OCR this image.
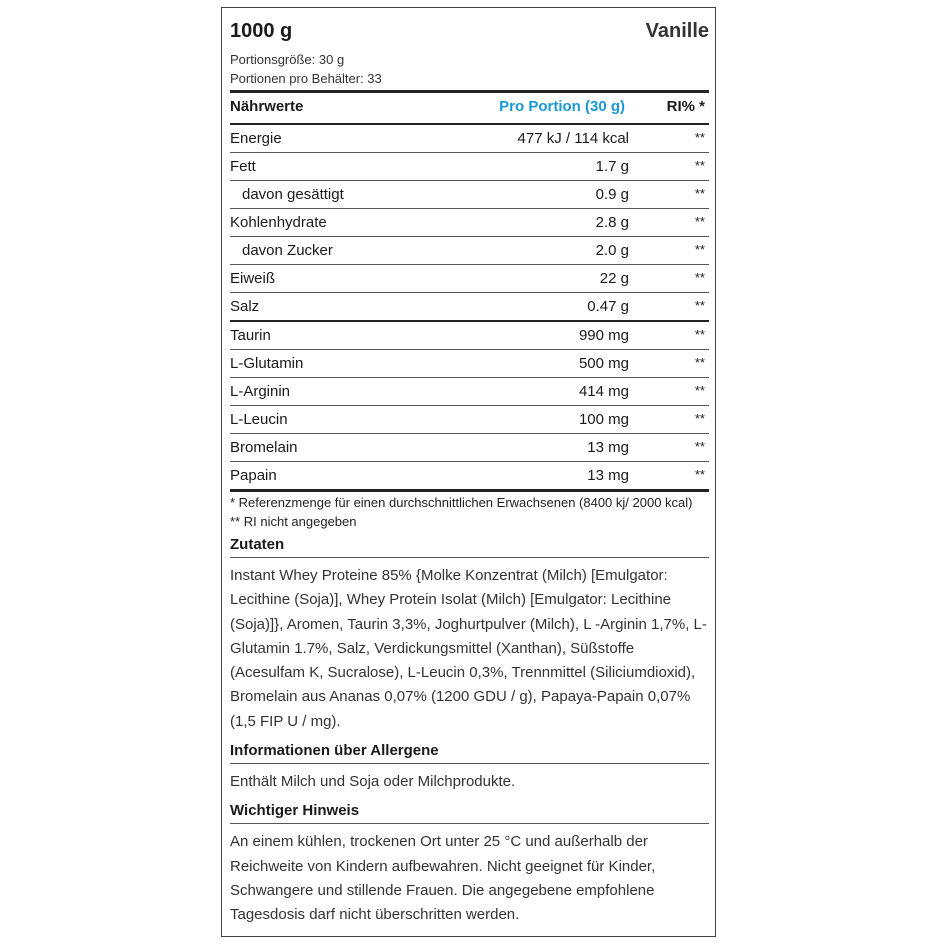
1000 g	Vanille
Portionsgröße: 30 g
Portionen pro Behälter: 33
Nährwerte	Pro Portion (30 g)	RI% *
Energie	477 kJ / 114 kcal	**
Fett	1.7 g	**
davon gesättigt	0.9 g	**
Kohlenhydrate	2.8 g	**
davon Zucker	2.0 g	**
Eiweiß	22 g	**
Salz	0.47 g	**
Taurin	990 mg	**
L-Glutamin	500 mg	**
L-Arginin	414 mg	**
L-Leucin	100 mg	**
Bromelain	13 mg	**
Papain	13 mg	**
* Referenzmenge für einen durchschnittlichen Erwachsenen (8400 kj/ 2000 kcal)
** RI nicht angegeben
Zutaten
Instant Whey Proteine 85% {Molke Konzentrat (Milch) [Emulgator: Lecithine (Soja)], Whey Protein Isolat (Milch) [Emulgator: Lecithine (Soja)]}, Aromen, Taurin 3,3%, Joghurtpulver (Milch), L -Arginin 1,7%, L-Glutamin 1.7%, Salz, Verdickungsmittel (Xanthan), Süßstoffe (Acesulfam K, Sucralose), L-Leucin 0,3%, Trennmittel (Siliciumdioxid), Bromelain aus Ananas 0,07% (1200 GDU / g), Papaya-Papain 0,07% (1,5 FIP U / mg).
Informationen über Allergene
Enthält Milch und Soja oder Milchprodukte.
Wichtiger Hinweis
An einem kühlen, trockenen Ort unter 25 °C und außerhalb der Reichweite von Kindern aufbewahren. Nicht geeignet für Kinder, Schwangere und stillende Frauen. Die angegebene empfohlene Tagesdosis darf nicht überschritten werden.
